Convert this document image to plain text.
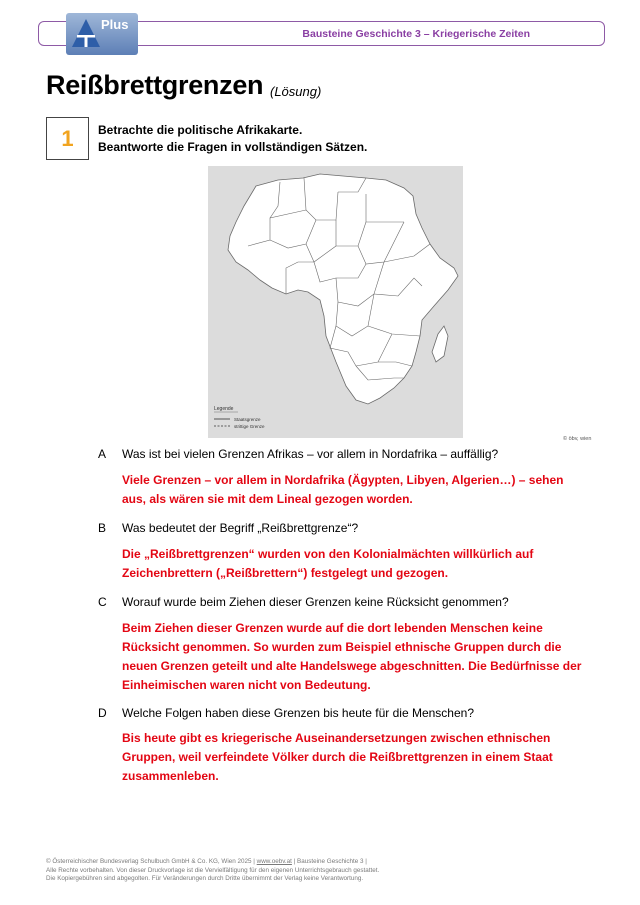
Plus
Bausteine Geschichte 3 – Kriegerische Zeiten
Reißbrettgrenzen (Lösung)
1	Betrachte die politische Afrikakarte.
Beantworte die Fragen in vollständigen Sätzen.
Legende
Staatsgrenze
strittige Grenze
© öbv, wien
A Was ist bei vielen Grenzen Afrikas – vor allem in Nordafrika – auffällig?
Viele Grenzen – vor allem in Nordafrika (Ägypten, Libyen, Algerien…) – sehen
aus, als wären sie mit dem Lineal gezogen worden.
B Was bedeutet der Begriff „Reißbrettgrenze“?
Die „Reißbrettgrenzen“ wurden von den Kolonialmächten willkürlich auf
Zeichenbrettern („Reißbrettern“) festgelegt und gezogen.
C Worauf wurde beim Ziehen dieser Grenzen keine Rücksicht genommen?
Beim Ziehen dieser Grenzen wurde auf die dort lebenden Menschen keine
Rücksicht genommen. So wurden zum Beispiel ethnische Gruppen durch die
neuen Grenzen geteilt und alte Handelswege abgeschnitten. Die Bedürfnisse der
Einheimischen waren nicht von Bedeutung.
D Welche Folgen haben diese Grenzen bis heute für die Menschen?
Bis heute gibt es kriegerische Auseinandersetzungen zwischen ethnischen
Gruppen, weil verfeindete Völker durch die Reißbrettgrenzen in einem Staat
zusammenleben.
© Österreichischer Bundesverlag Schulbuch GmbH & Co. KG, Wien 2025 | www.oebv.at | Bausteine Geschichte 3 |
Alle Rechte vorbehalten. Von dieser Druckvorlage ist die Vervielfältigung für den eigenen Unterrichtsgebrauch gestattet.
Die Kopiergebühren sind abgegolten. Für Veränderungen durch Dritte übernimmt der Verlag keine Verantwortung.
